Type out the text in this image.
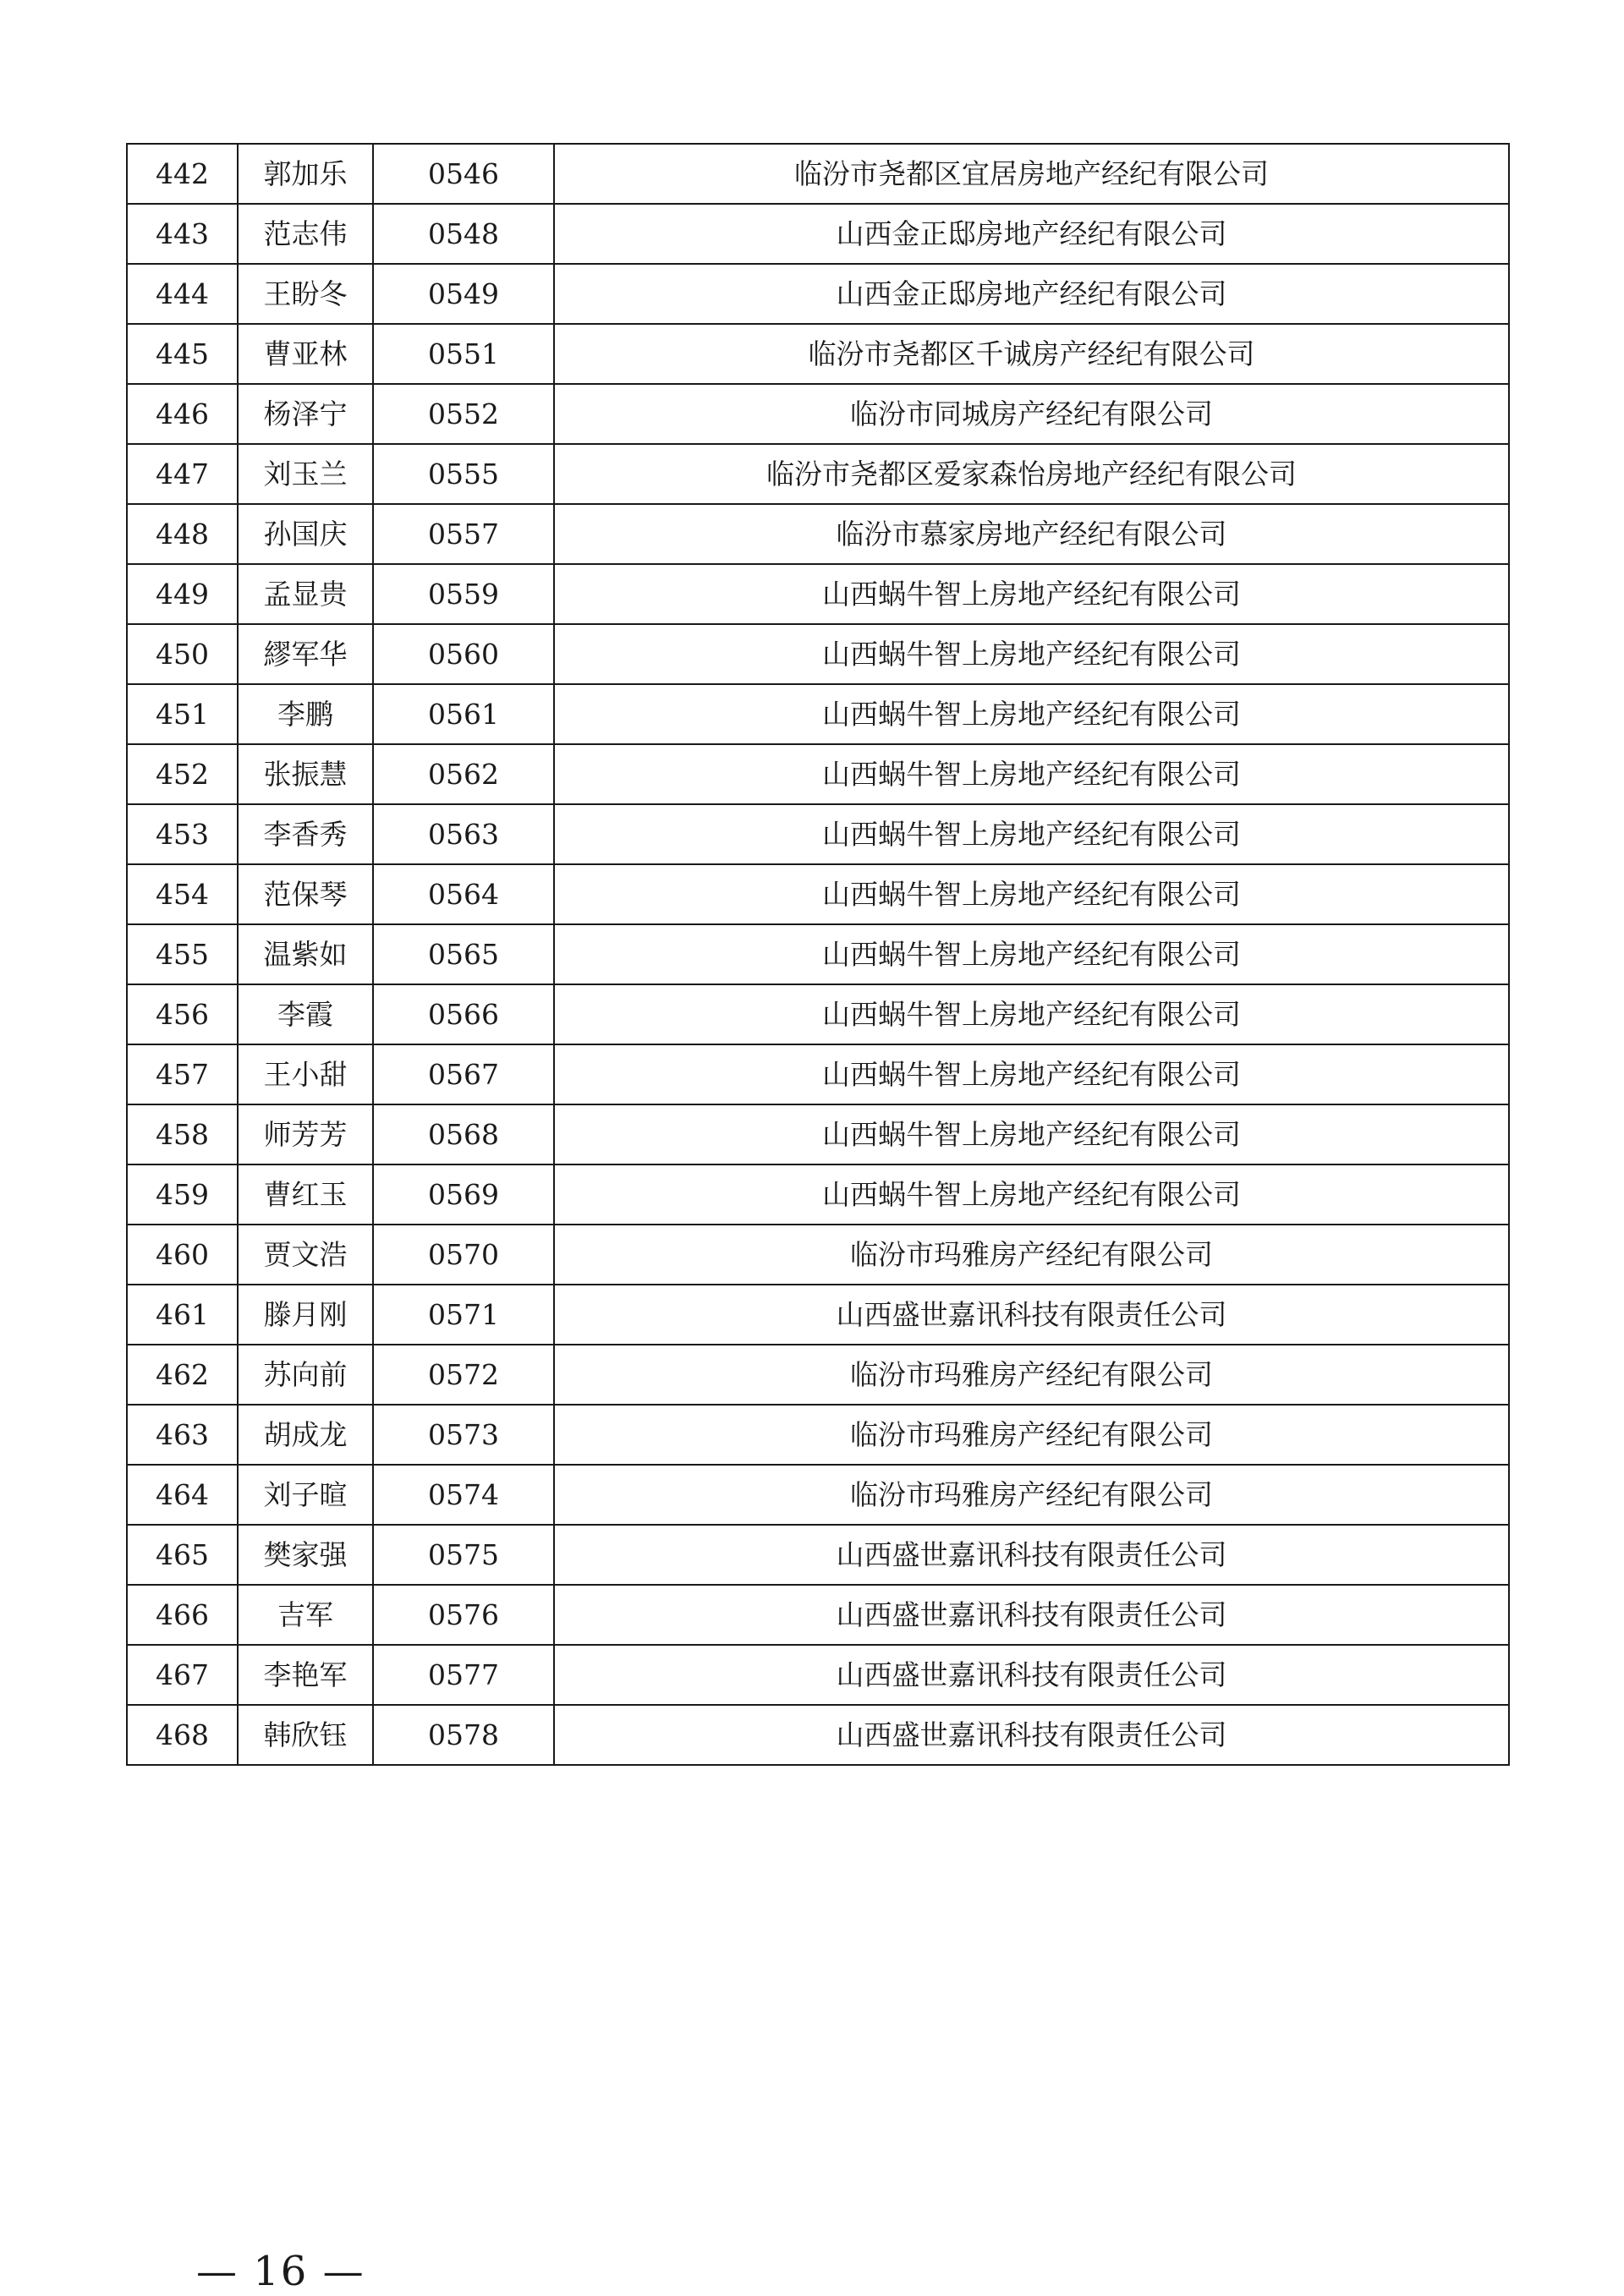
442	郭加乐	0546	临汾市尧都区宜居房地产经纪有限公司
443	范志伟	0548	山西金正邸房地产经纪有限公司
444	王盼冬	0549	山西金正邸房地产经纪有限公司
445	曹亚林	0551	临汾市尧都区千诚房产经纪有限公司
446	杨泽宁	0552	临汾市同城房产经纪有限公司
447	刘玉兰	0555	临汾市尧都区爱家森怡房地产经纪有限公司
448	孙国庆	0557	临汾市慕家房地产经纪有限公司
449	孟显贵	0559	山西蜗牛智上房地产经纪有限公司
450	繆军华	0560	山西蜗牛智上房地产经纪有限公司
451	李鹏	0561	山西蜗牛智上房地产经纪有限公司
452	张振慧	0562	山西蜗牛智上房地产经纪有限公司
453	李香秀	0563	山西蜗牛智上房地产经纪有限公司
454	范保琴	0564	山西蜗牛智上房地产经纪有限公司
455	温紫如	0565	山西蜗牛智上房地产经纪有限公司
456	李霞	0566	山西蜗牛智上房地产经纪有限公司
457	王小甜	0567	山西蜗牛智上房地产经纪有限公司
458	师芳芳	0568	山西蜗牛智上房地产经纪有限公司
459	曹红玉	0569	山西蜗牛智上房地产经纪有限公司
460	贾文浩	0570	临汾市玛雅房产经纪有限公司
461	滕月刚	0571	山西盛世嘉讯科技有限责任公司
462	苏向前	0572	临汾市玛雅房产经纪有限公司
463	胡成龙	0573	临汾市玛雅房产经纪有限公司
464	刘子暄	0574	临汾市玛雅房产经纪有限公司
465	樊家强	0575	山西盛世嘉讯科技有限责任公司
466	吉军	0576	山西盛世嘉讯科技有限责任公司
467	李艳军	0577	山西盛世嘉讯科技有限责任公司
468	韩欣钰	0578	山西盛世嘉讯科技有限责任公司
— 16 —
